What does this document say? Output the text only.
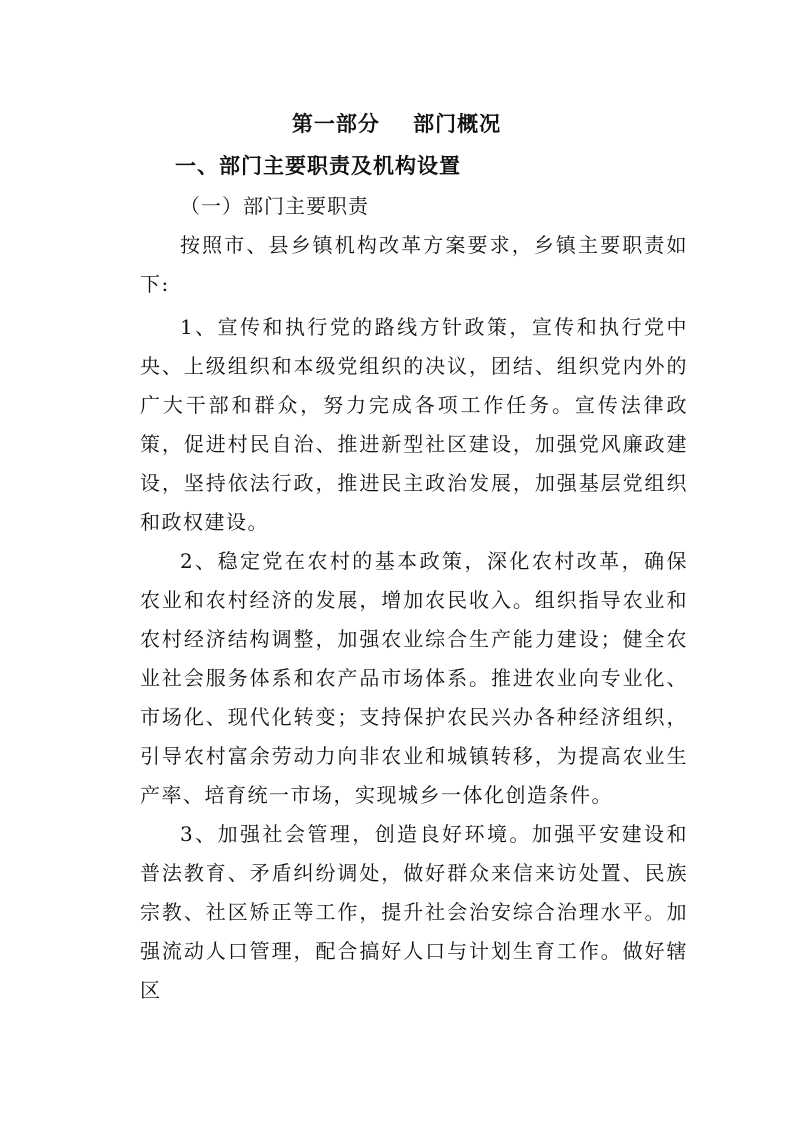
第一部分    部门概况
一、部门主要职责及机构设置
（一）部门主要职责

按照市、县乡镇机构改革方案要求，乡镇主要职责如下:

1、宣传和执行党的路线方针政策，宣传和执行党中央、上级组织和本级党组织的决议，团结、组织党内外的广大干部和群众，努力完成各项工作任务。宣传法律政策，促进村民自治、推进新型社区建设，加强党风廉政建设，坚持依法行政，推进民主政治发展，加强基层党组织和政权建设。

2、稳定党在农村的基本政策，深化农村改革，确保农业和农村经济的发展，增加农民收入。组织指导农业和农村经济结构调整，加强农业综合生产能力建设；健全农业社会服务体系和农产品市场体系。推进农业向专业化、市场化、现代化转变；支持保护农民兴办各种经济组织，引导农村富余劳动力向非农业和城镇转移，为提高农业生产率、培育统一市场，实现城乡一体化创造条件。

3、加强社会管理，创造良好环境。加强平安建设和普法教育、矛盾纠纷调处，做好群众来信来访处置、民族宗教、社区矫正等工作，提升社会治安综合治理水平。加强流动人口管理，配合搞好人口与计划生育工作。做好辖区
